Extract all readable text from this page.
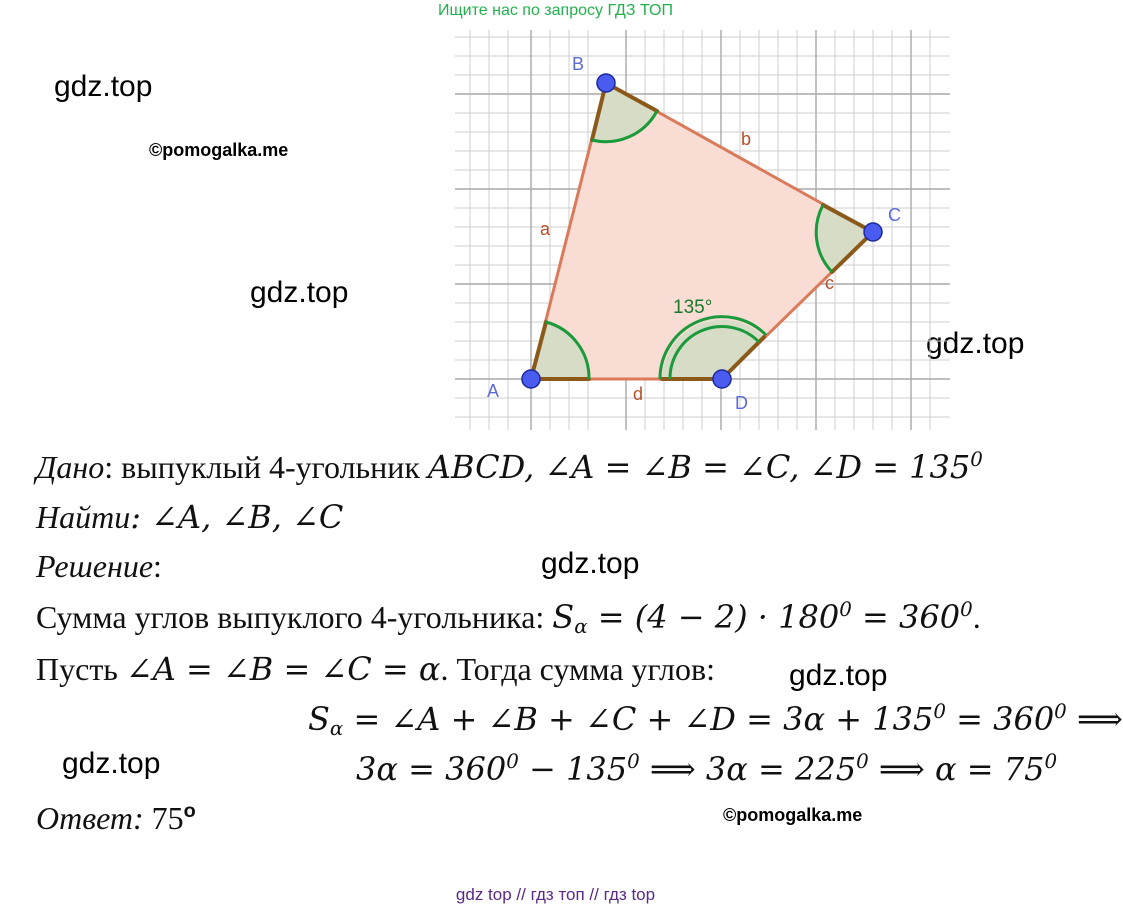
Ищите нас по запросу ГДЗ ТОП
gdz.top
©pomogalka.me
gdz.top
gdz.top
A
B
C
D
a
b
c
d
135°
Дано: выпуклый 4-угольник ABCD, ∠A = ∠B = ∠C, ∠D = $135^0$
Найти: ∠A, ∠B, ∠C
Решение:	gdz.top
Сумма углов выпуклого 4-угольника: $S_\alpha = (4 - 2) \cdot 180^0 = 360^0$.
Пусть ∠A = ∠B = ∠C = α. Тогда сумма углов: gdz.top
$S_\alpha$ = ∠A + ∠B + ∠C + ∠D = $3\alpha + 135^0 = 360^0$ ⟹
gdz.top	$3\alpha = 360^0 - 135^0$ ⟹ $3\alpha = 225^0$ ⟹ $\alpha = 75^0$
Ответ: 75$^o$	©pomogalka.me
gdz top // гдз топ // гдз top
